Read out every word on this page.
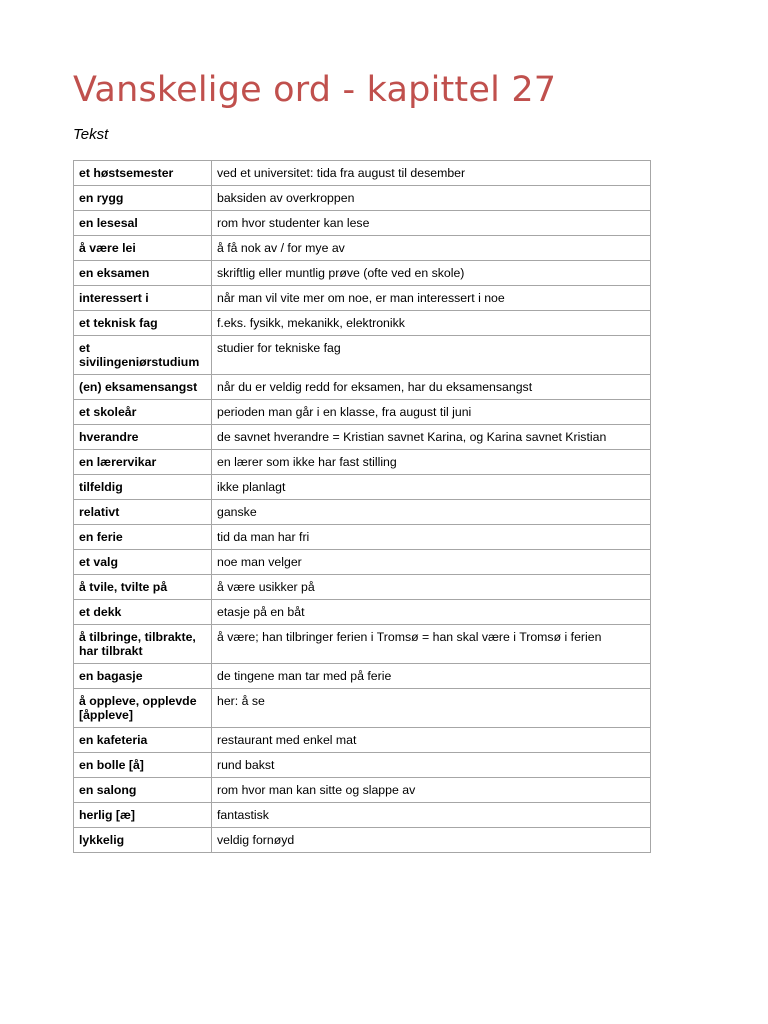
Vanskelige ord - kapittel 27

Tekst

et høstsemester	ved et universitet: tida fra august til desember
en rygg	baksiden av overkroppen
en lesesal	rom hvor studenter kan lese
å være lei	å få nok av / for mye av
en eksamen	skriftlig eller muntlig prøve (ofte ved en skole)
interessert i	når man vil vite mer om noe, er man interessert i noe
et teknisk fag	f.eks. fysikk, mekanikk, elektronikk
et sivilingeniørstudium	studier for tekniske fag
(en) eksamensangst	når du er veldig redd for eksamen, har du eksamensangst
et skoleår	perioden man går i en klasse, fra august til juni
hverandre	de savnet hverandre = Kristian savnet Karina, og Karina savnet Kristian
en lærervikar	en lærer som ikke har fast stilling
tilfeldig	ikke planlagt
relativt	ganske
en ferie	tid da man har fri
et valg	noe man velger
å tvile, tvilte på	å være usikker på
et dekk	etasje på en båt
å tilbringe, tilbrakte, har tilbrakt	å være; han tilbringer ferien i Tromsø = han skal være i Tromsø i ferien
en bagasje	de tingene man tar med på ferie
å oppleve, opplevde [åppleve]	her: å se
en kafeteria	restaurant med enkel mat
en bolle [å]	rund bakst
en salong	rom hvor man kan sitte og slappe av
herlig [æ]	fantastisk
lykkelig	veldig fornøyd
